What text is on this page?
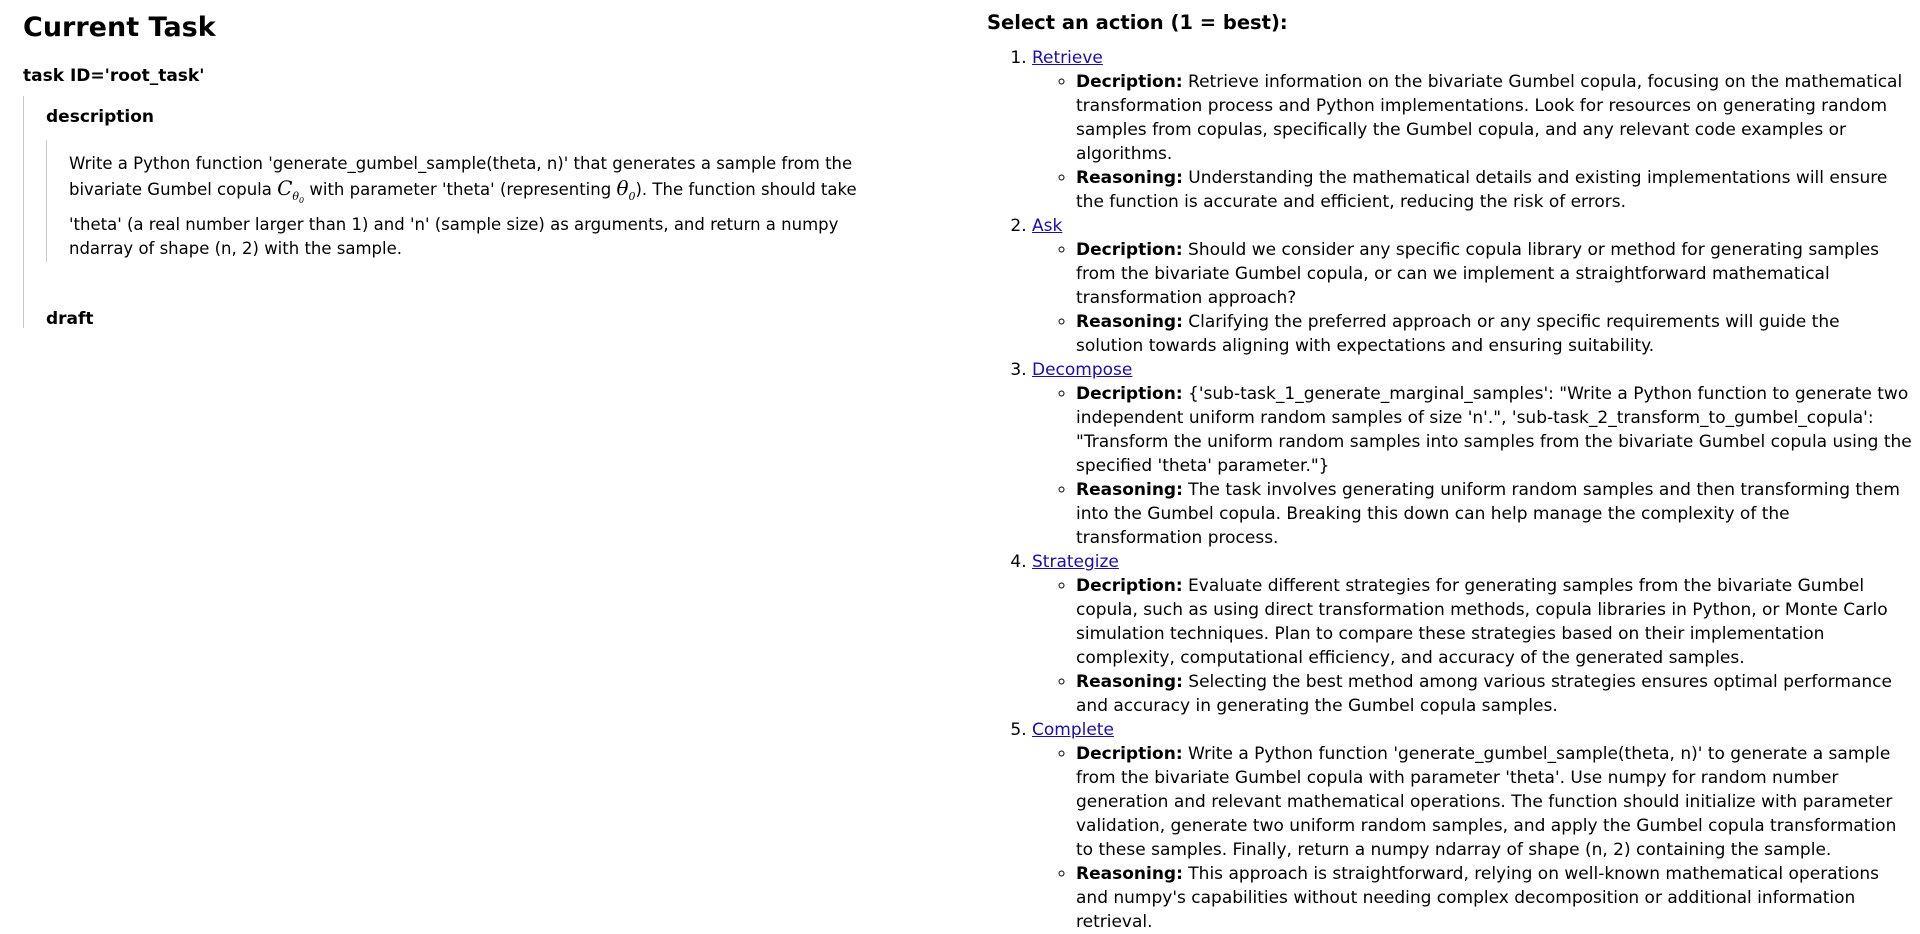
Current Task
task ID='root_task'
description
Write a Python function 'generate_gumbel_sample(theta, n)' that generates a sample from the bivariate Gumbel copula $C_{\theta_0}$ with parameter 'theta' (representing $\theta_0$). The function should take 'theta' (a real number larger than 1) and 'n' (sample size) as arguments, and return a numpy ndarray of shape (n, 2) with the sample.
draft
Select an action (1 = best):
1. Retrieve
◦ Decription: Retrieve information on the bivariate Gumbel copula, focusing on the mathematical transformation process and Python implementations. Look for resources on generating random samples from copulas, specifically the Gumbel copula, and any relevant code examples or algorithms.
◦ Reasoning: Understanding the mathematical details and existing implementations will ensure the function is accurate and efficient, reducing the risk of errors.
2. Ask
◦ Decription: Should we consider any specific copula library or method for generating samples from the bivariate Gumbel copula, or can we implement a straightforward mathematical transformation approach?
◦ Reasoning: Clarifying the preferred approach or any specific requirements will guide the solution towards aligning with expectations and ensuring suitability.
3. Decompose
◦ Decription: {'sub-task_1_generate_marginal_samples': "Write a Python function to generate two independent uniform random samples of size 'n'.", 'sub-task_2_transform_to_gumbel_copula': "Transform the uniform random samples into samples from the bivariate Gumbel copula using the specified 'theta' parameter."}
◦ Reasoning: The task involves generating uniform random samples and then transforming them into the Gumbel copula. Breaking this down can help manage the complexity of the transformation process.
4. Strategize
◦ Decription: Evaluate different strategies for generating samples from the bivariate Gumbel copula, such as using direct transformation methods, copula libraries in Python, or Monte Carlo simulation techniques. Plan to compare these strategies based on their implementation complexity, computational efficiency, and accuracy of the generated samples.
◦ Reasoning: Selecting the best method among various strategies ensures optimal performance and accuracy in generating the Gumbel copula samples.
5. Complete
◦ Decription: Write a Python function 'generate_gumbel_sample(theta, n)' to generate a sample from the bivariate Gumbel copula with parameter 'theta'. Use numpy for random number generation and relevant mathematical operations. The function should initialize with parameter validation, generate two uniform random samples, and apply the Gumbel copula transformation to these samples. Finally, return a numpy ndarray of shape (n, 2) containing the sample.
◦ Reasoning: This approach is straightforward, relying on well-known mathematical operations and numpy's capabilities without needing complex decomposition or additional information retrieval.
